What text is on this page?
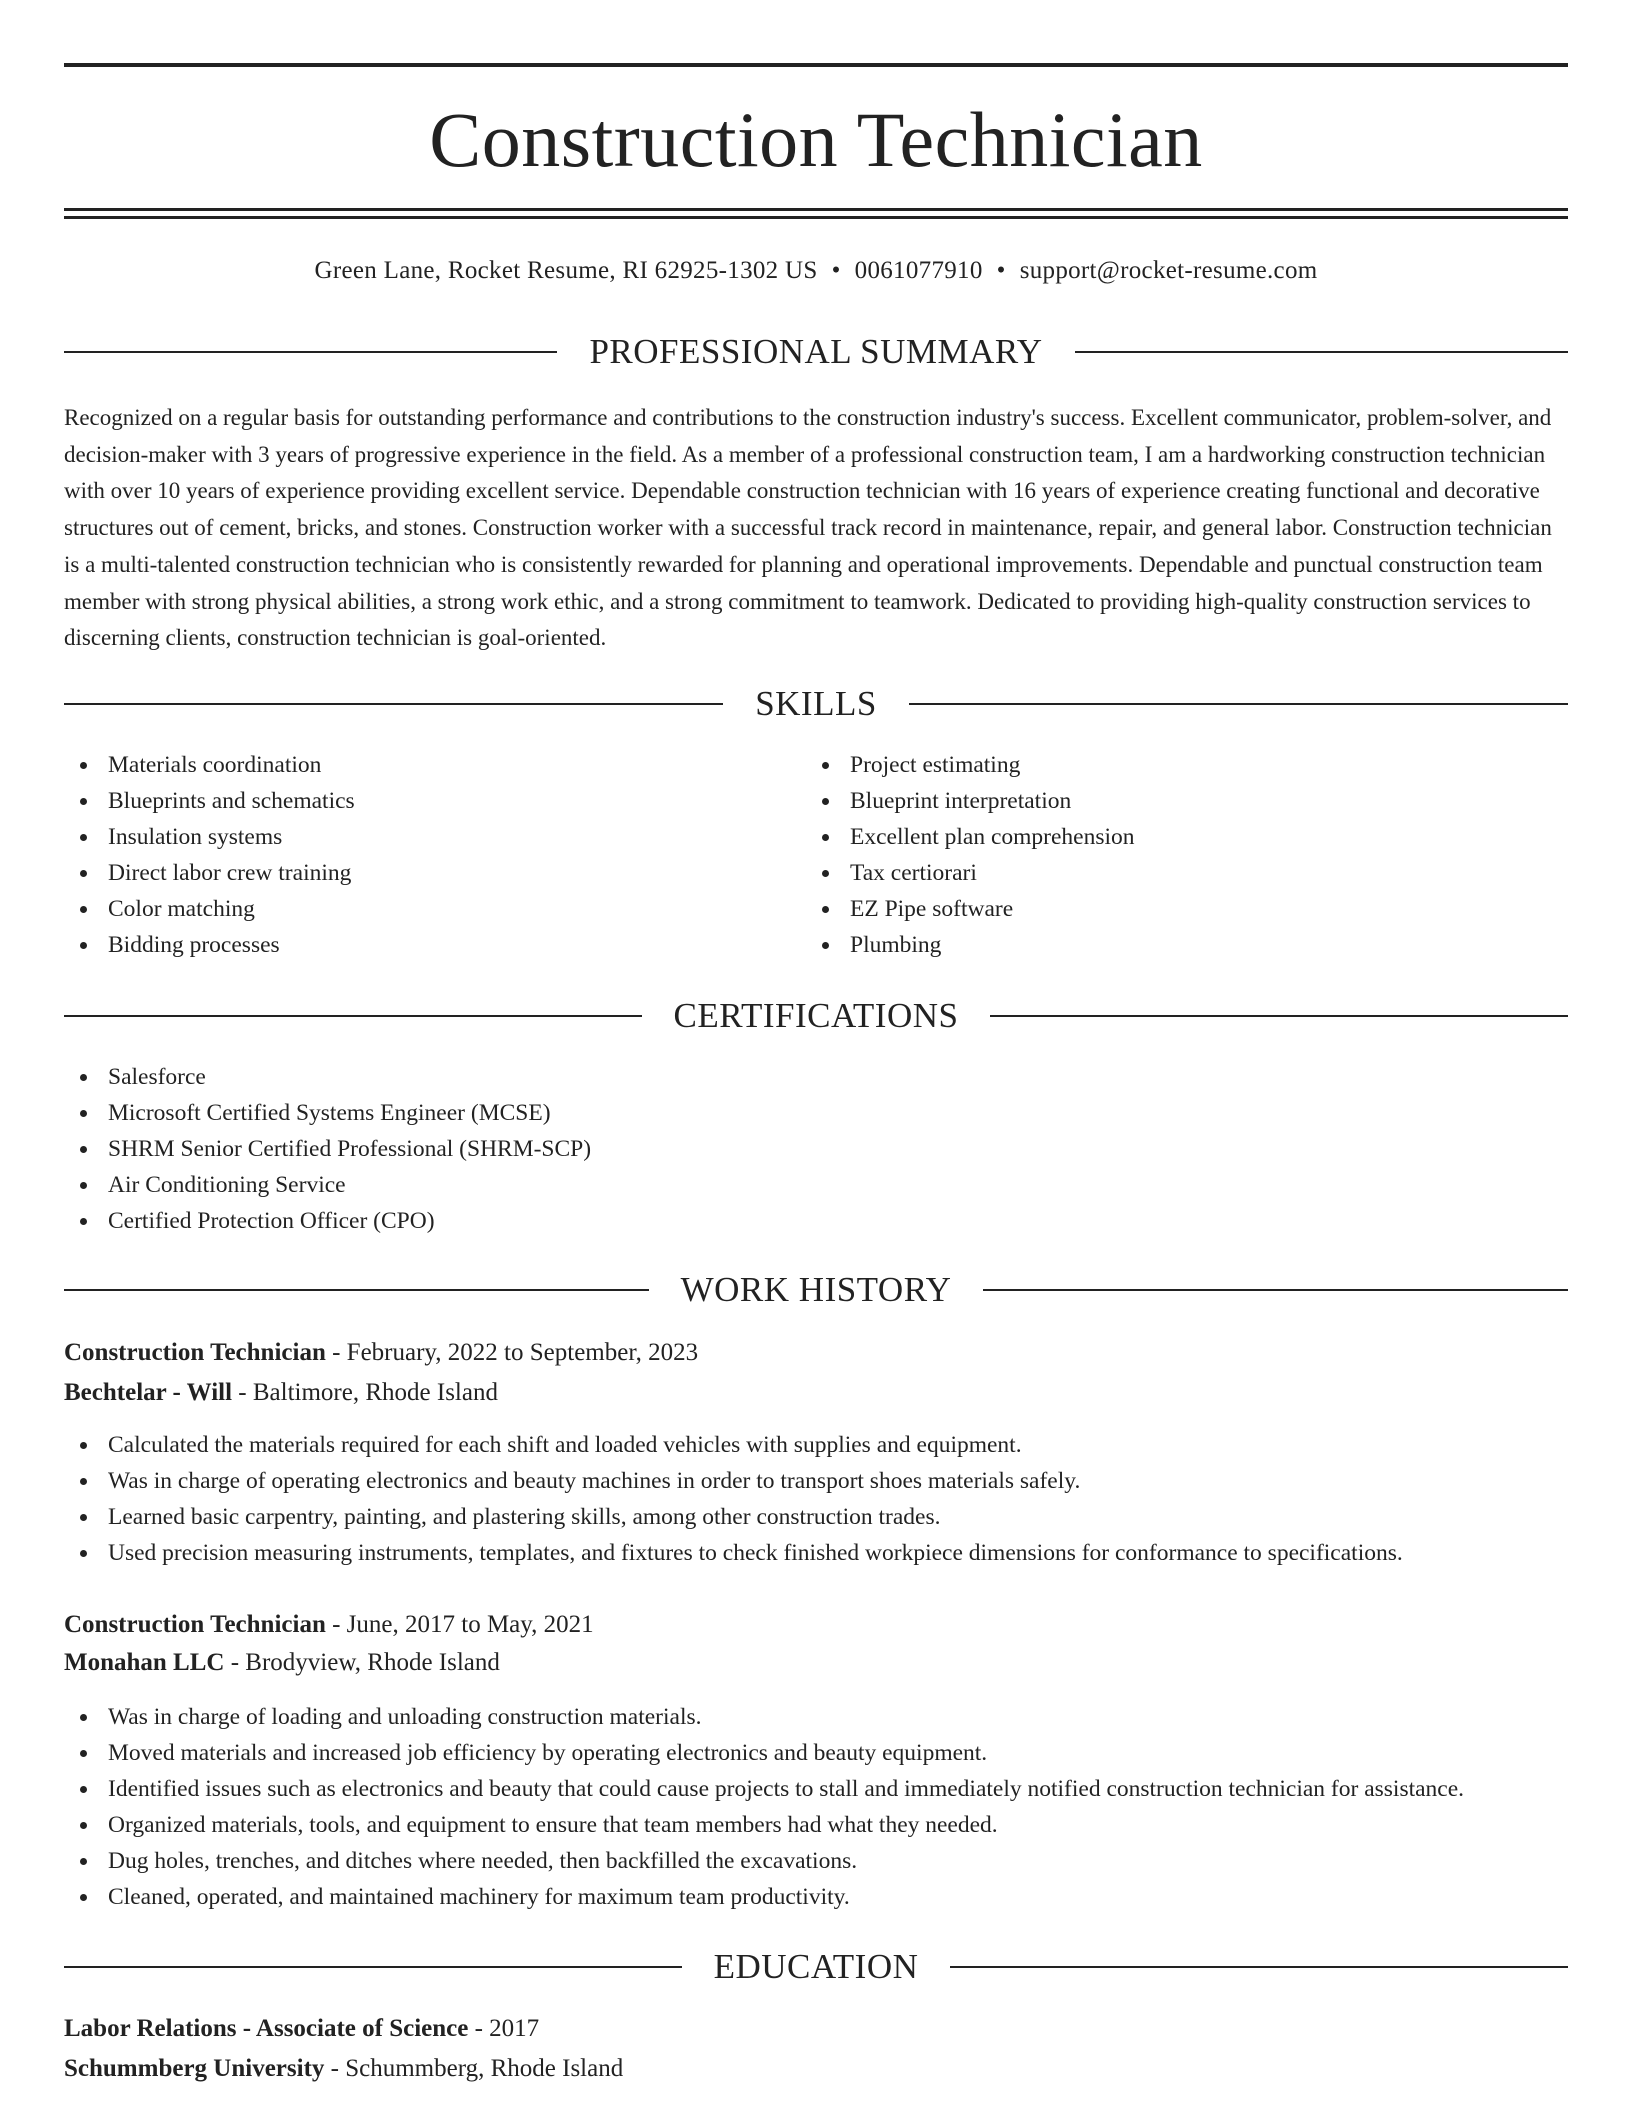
Construction Technician
Green Lane, Rocket Resume, RI 62925-1302 US • 0061077910 • support@rocket-resume.com
PROFESSIONAL SUMMARY

Recognized on a regular basis for outstanding performance and contributions to the construction industry's success. Excellent communicator, problem-solver, and decision-maker with 3 years of progressive experience in the field. As a member of a professional construction team, I am a hardworking construction technician with over 10 years of experience providing excellent service. Dependable construction technician with 16 years of experience creating functional and decorative structures out of cement, bricks, and stones. Construction worker with a successful track record in maintenance, repair, and general labor. Construction technician is a multi-talented construction technician who is consistently rewarded for planning and operational improvements. Dependable and punctual construction team member with strong physical abilities, a strong work ethic, and a strong commitment to teamwork. Dedicated to providing high-quality construction services to discerning clients, construction technician is goal-oriented.

SKILLS
Materials coordination
Blueprints and schematics
Insulation systems
Direct labor crew training
Color matching
Bidding processes
Project estimating
Blueprint interpretation
Excellent plan comprehension
Tax certiorari
EZ Pipe software
Plumbing
CERTIFICATIONS
Salesforce
Microsoft Certified Systems Engineer (MCSE)
SHRM Senior Certified Professional (SHRM-SCP)
Air Conditioning Service
Certified Protection Officer (CPO)
WORK HISTORY
Construction Technician - February, 2022 to September, 2023
Bechtelar - Will - Baltimore, Rhode Island
Calculated the materials required for each shift and loaded vehicles with supplies and equipment.
Was in charge of operating electronics and beauty machines in order to transport shoes materials safely.
Learned basic carpentry, painting, and plastering skills, among other construction trades.
Used precision measuring instruments, templates, and fixtures to check finished workpiece dimensions for conformance to specifications.
Construction Technician - June, 2017 to May, 2021
Monahan LLC - Brodyview, Rhode Island
Was in charge of loading and unloading construction materials.
Moved materials and increased job efficiency by operating electronics and beauty equipment.
Identified issues such as electronics and beauty that could cause projects to stall and immediately notified construction technician for assistance.
Organized materials, tools, and equipment to ensure that team members had what they needed.
Dug holes, trenches, and ditches where needed, then backfilled the excavations.
Cleaned, operated, and maintained machinery for maximum team productivity.
EDUCATION
Labor Relations - Associate of Science - 2017
Schummberg University - Schummberg, Rhode Island
